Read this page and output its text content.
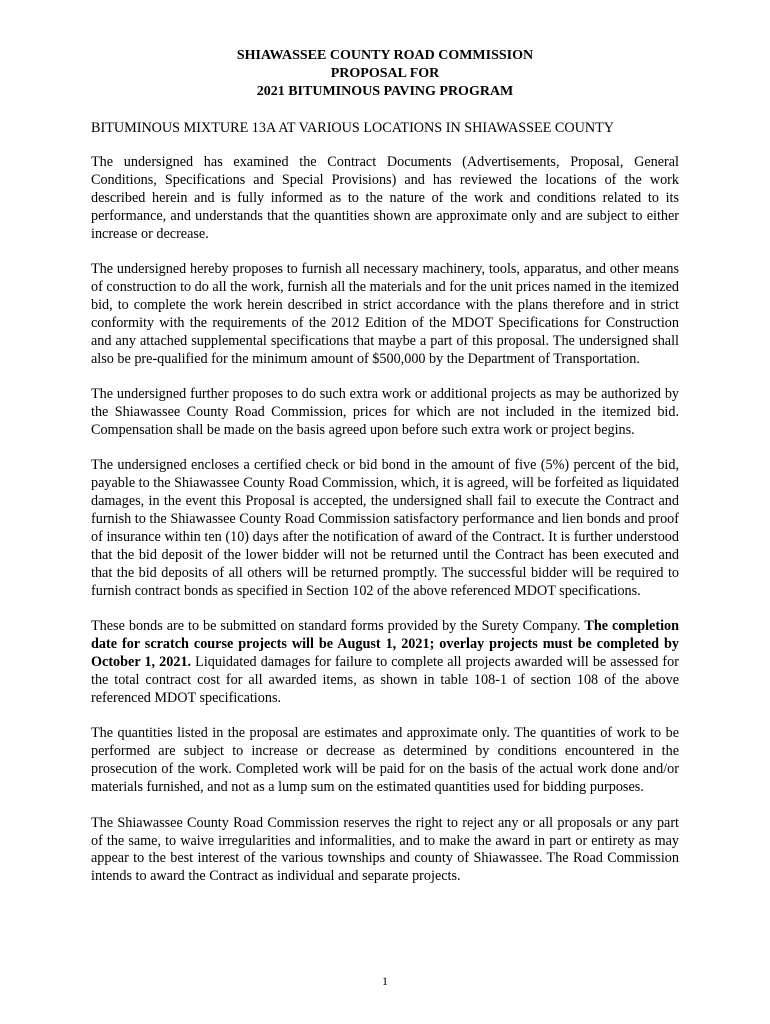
SHIAWASSEE COUNTY ROAD COMMISSION
PROPOSAL FOR
2021 BITUMINOUS PAVING PROGRAM
BITUMINOUS MIXTURE 13A AT VARIOUS LOCATIONS IN SHIAWASSEE COUNTY

The undersigned has examined the Contract Documents (Advertisements, Proposal, General Conditions, Specifications and Special Provisions) and has reviewed the locations of the work described herein and is fully informed as to the nature of the work and conditions related to its performance, and understands that the quantities shown are approximate only and are subject to either increase or decrease.

The undersigned hereby proposes to furnish all necessary machinery, tools, apparatus, and other means of construction to do all the work, furnish all the materials and for the unit prices named in the itemized bid, to complete the work herein described in strict accordance with the plans therefore and in strict conformity with the requirements of the 2012 Edition of the MDOT Specifications for Construction and any attached supplemental specifications that maybe a part of this proposal. The undersigned shall also be pre-qualified for the minimum amount of $500,000 by the Department of Transportation.

The undersigned further proposes to do such extra work or additional projects as may be authorized by the Shiawassee County Road Commission, prices for which are not included in the itemized bid. Compensation shall be made on the basis agreed upon before such extra work or project begins.

The undersigned encloses a certified check or bid bond in the amount of five (5%) percent of the bid, payable to the Shiawassee County Road Commission, which, it is agreed, will be forfeited as liquidated damages, in the event this Proposal is accepted, the undersigned shall fail to execute the Contract and furnish to the Shiawassee County Road Commission satisfactory performance and lien bonds and proof of insurance within ten (10) days after the notification of award of the Contract. It is further understood that the bid deposit of the lower bidder will not be returned until the Contract has been executed and that the bid deposits of all others will be returned promptly. The successful bidder will be required to furnish contract bonds as specified in Section 102 of the above referenced MDOT specifications.

These bonds are to be submitted on standard forms provided by the Surety Company. The completion date for scratch course projects will be August 1, 2021; overlay projects must be completed by October 1, 2021. Liquidated damages for failure to complete all projects awarded will be assessed for the total contract cost for all awarded items, as shown in table 108-1 of section 108 of the above referenced MDOT specifications.

The quantities listed in the proposal are estimates and approximate only. The quantities of work to be performed are subject to increase or decrease as determined by conditions encountered in the prosecution of the work. Completed work will be paid for on the basis of the actual work done and/or materials furnished, and not as a lump sum on the estimated quantities used for bidding purposes.

The Shiawassee County Road Commission reserves the right to reject any or all proposals or any part of the same, to waive irregularities and informalities, and to make the award in part or entirety as may appear to the best interest of the various townships and county of Shiawassee. The Road Commission intends to award the Contract as individual and separate projects.

1
